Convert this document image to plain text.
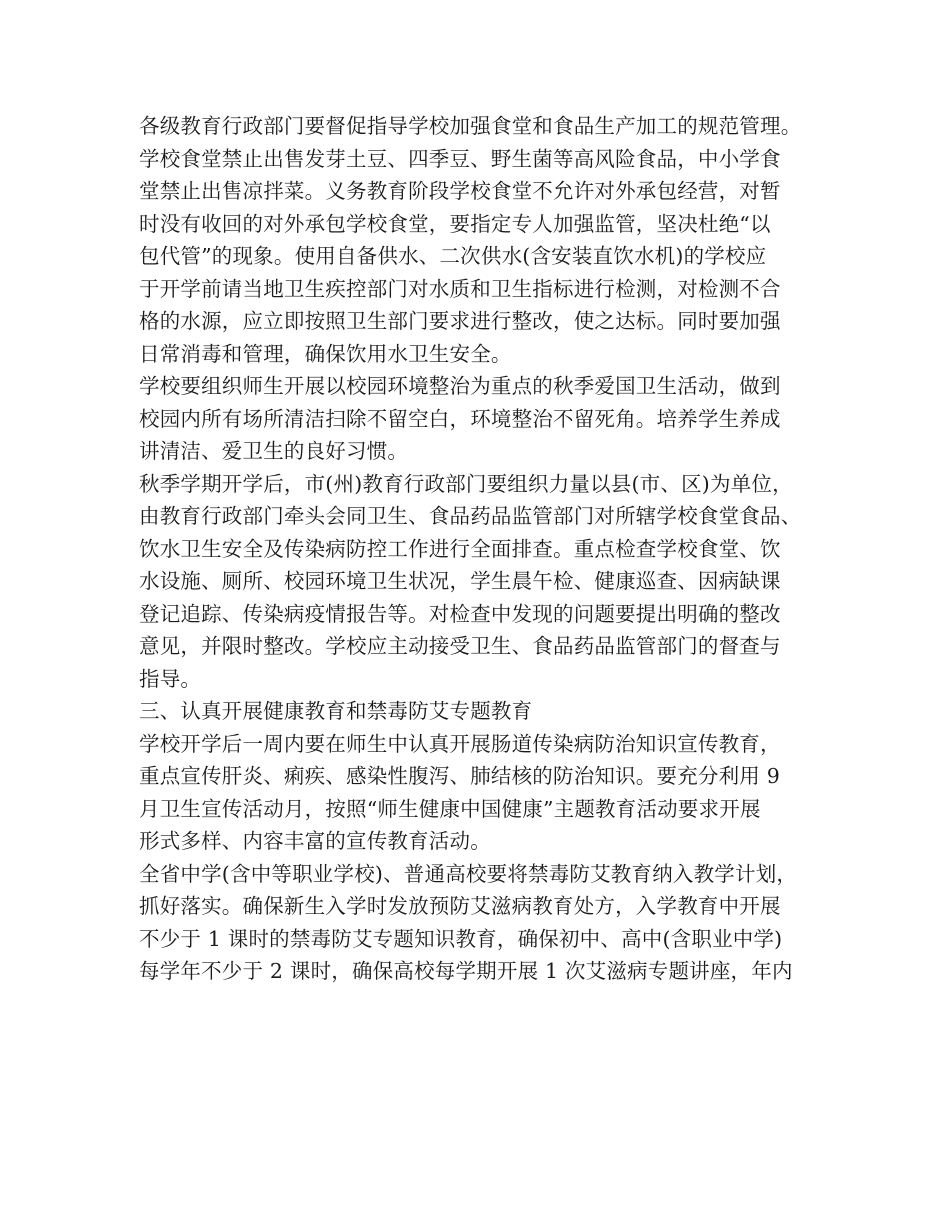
各级教育行政部门要督促指导学校加强食堂和食品生产加工的规范管理。
学校食堂禁止出售发芽土豆、四季豆、野生菌等高风险食品，中小学食
堂禁止出售凉拌菜。义务教育阶段学校食堂不允许对外承包经营，对暂
时没有收回的对外承包学校食堂，要指定专人加强监管，坚决杜绝“以
包代管”的现象。使用自备供水、二次供水(含安装直饮水机)的学校应
于开学前请当地卫生疾控部门对水质和卫生指标进行检测，对检测不合
格的水源，应立即按照卫生部门要求进行整改，使之达标。同时要加强
日常消毒和管理，确保饮用水卫生安全。
学校要组织师生开展以校园环境整治为重点的秋季爱国卫生活动，做到
校园内所有场所清洁扫除不留空白，环境整治不留死角。培养学生养成
讲清洁、爱卫生的良好习惯。
秋季学期开学后，市(州)教育行政部门要组织力量以县(市、区)为单位，
由教育行政部门牵头会同卫生、食品药品监管部门对所辖学校食堂食品、
饮水卫生安全及传染病防控工作进行全面排查。重点检查学校食堂、饮
水设施、厕所、校园环境卫生状况，学生晨午检、健康巡查、因病缺课
登记追踪、传染病疫情报告等。对检查中发现的问题要提出明确的整改
意见，并限时整改。学校应主动接受卫生、食品药品监管部门的督查与
指导。
三、认真开展健康教育和禁毒防艾专题教育
学校开学后一周内要在师生中认真开展肠道传染病防治知识宣传教育，
重点宣传肝炎、痢疾、感染性腹泻、肺结核的防治知识。要充分利用 9
月卫生宣传活动月，按照“师生健康中国健康”主题教育活动要求开展
形式多样、内容丰富的宣传教育活动。
全省中学(含中等职业学校)、普通高校要将禁毒防艾教育纳入教学计划，
抓好落实。确保新生入学时发放预防艾滋病教育处方，入学教育中开展
不少于 1 课时的禁毒防艾专题知识教育，确保初中、高中(含职业中学)
每学年不少于 2 课时，确保高校每学期开展 1 次艾滋病专题讲座，年内
